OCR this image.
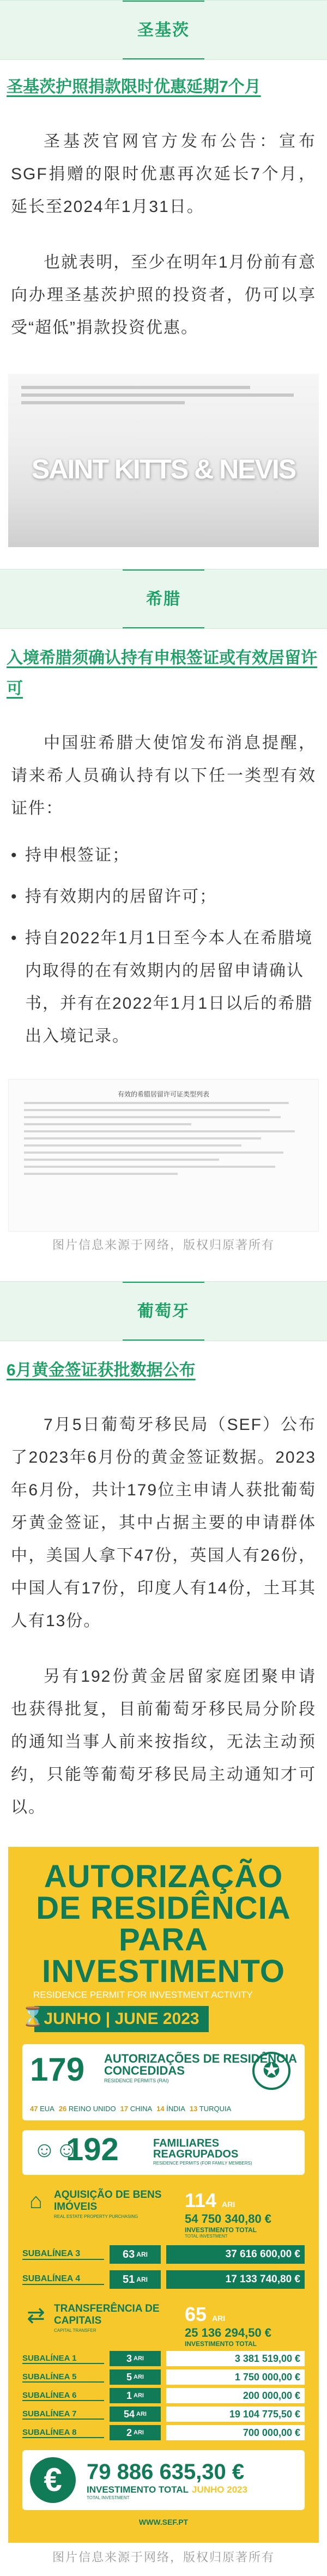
圣基茨
圣基茨护照捐款限时优惠延期7个月

圣基茨官网官方发布公告：宣布SGF捐赠的限时优惠再次延长7个月，延长至2024年1月31日。

也就表明，至少在明年1月份前有意向办理圣基茨护照的投资者，仍可以享受“超低”捐款投资优惠。

SAINT KITTS & NEVIS
希腊
入境希腊须确认持有申根签证或有效居留许可

中国驻希腊大使馆发布消息提醒，请来希人员确认持有以下任一类型有效证件：

• 持申根签证；
• 持有效期内的居留许可；
• 持自2022年1月1日至今本人在希腊境内取得的在有效期内的居留申请确认书，并有在2022年1月1日以后的希腊出入境记录。
有效的希腊居留许可证类型列表
图片信息来源于网络，版权归原著所有
葡萄牙
6月黄金签证获批数据公布

7月5日葡萄牙移民局（SEF）公布了2023年6月份的黄金签证数据。2023年6月份，共计179位主申请人获批葡萄牙黄金签证，其中占据主要的申请群体中，美国人拿下47份，英国人有26份，中国人有17份，印度人有14份，土耳其人有13份。

另有192份黄金居留家庭团聚申请也获得批复，目前葡萄牙移民局分阶段的通知当事人前来按指纹，无法主动预约，只能等葡萄牙移民局主动通知才可以。

AUTORIZAÇÃO DE RESIDÊNCIA PARA INVESTIMENTO
RESIDENCE PERMIT FOR INVESTMENT ACTIVITY
⌛ JUNHO | JUNE 2023
179 AUTORIZAÇÕES DE RESIDÊNCIA CONCEDIDAS
RESIDENCE PERMITS (RAI)	✪
47 EUA 26 REINO UNIDO 17 CHINA 14 ÍNDIA 13 TURQUIA
☺☺
192	FAMILIARES REAGRUPADOS
RESIDENCE PERMITS (FOR FAMILY MEMBERS)
⌂	AQUISIÇÃO DE BENS IMÓVEIS
REAL ESTATE PROPERTY PURCHASING
114 ARI
54 750 340,80 €
INVESTIMENTO TOTAL
TOTAL INVESTMENT
SUBALÍNEA 3	63 ARI	37 616 600,00 €
SUBALÍNEA 4	51 ARI	17 133 740,80 €
⇄ TRANSFERÊNCIA DE CAPITAIS
CAPITAL TRANSFER
65 ARI
25 136 294,50 €
INVESTIMENTO TOTAL
SUBALÍNEA 1	3 ARI	3 381 519,00 €
SUBALÍNEA 5	5 ARI	1 750 000,00 €
SUBALÍNEA 6	1 ARI	200 000,00 €
SUBALÍNEA 7	54 ARI	19 104 775,50 €
SUBALÍNEA 8	2 ARI	700 000,00 €
€	79 886 635,30 €
INVESTIMENTO TOTAL JUNHO 2023
TOTAL INVESTMENT
WWW.SEF.PT
图片信息来源于网络，版权归原著所有
